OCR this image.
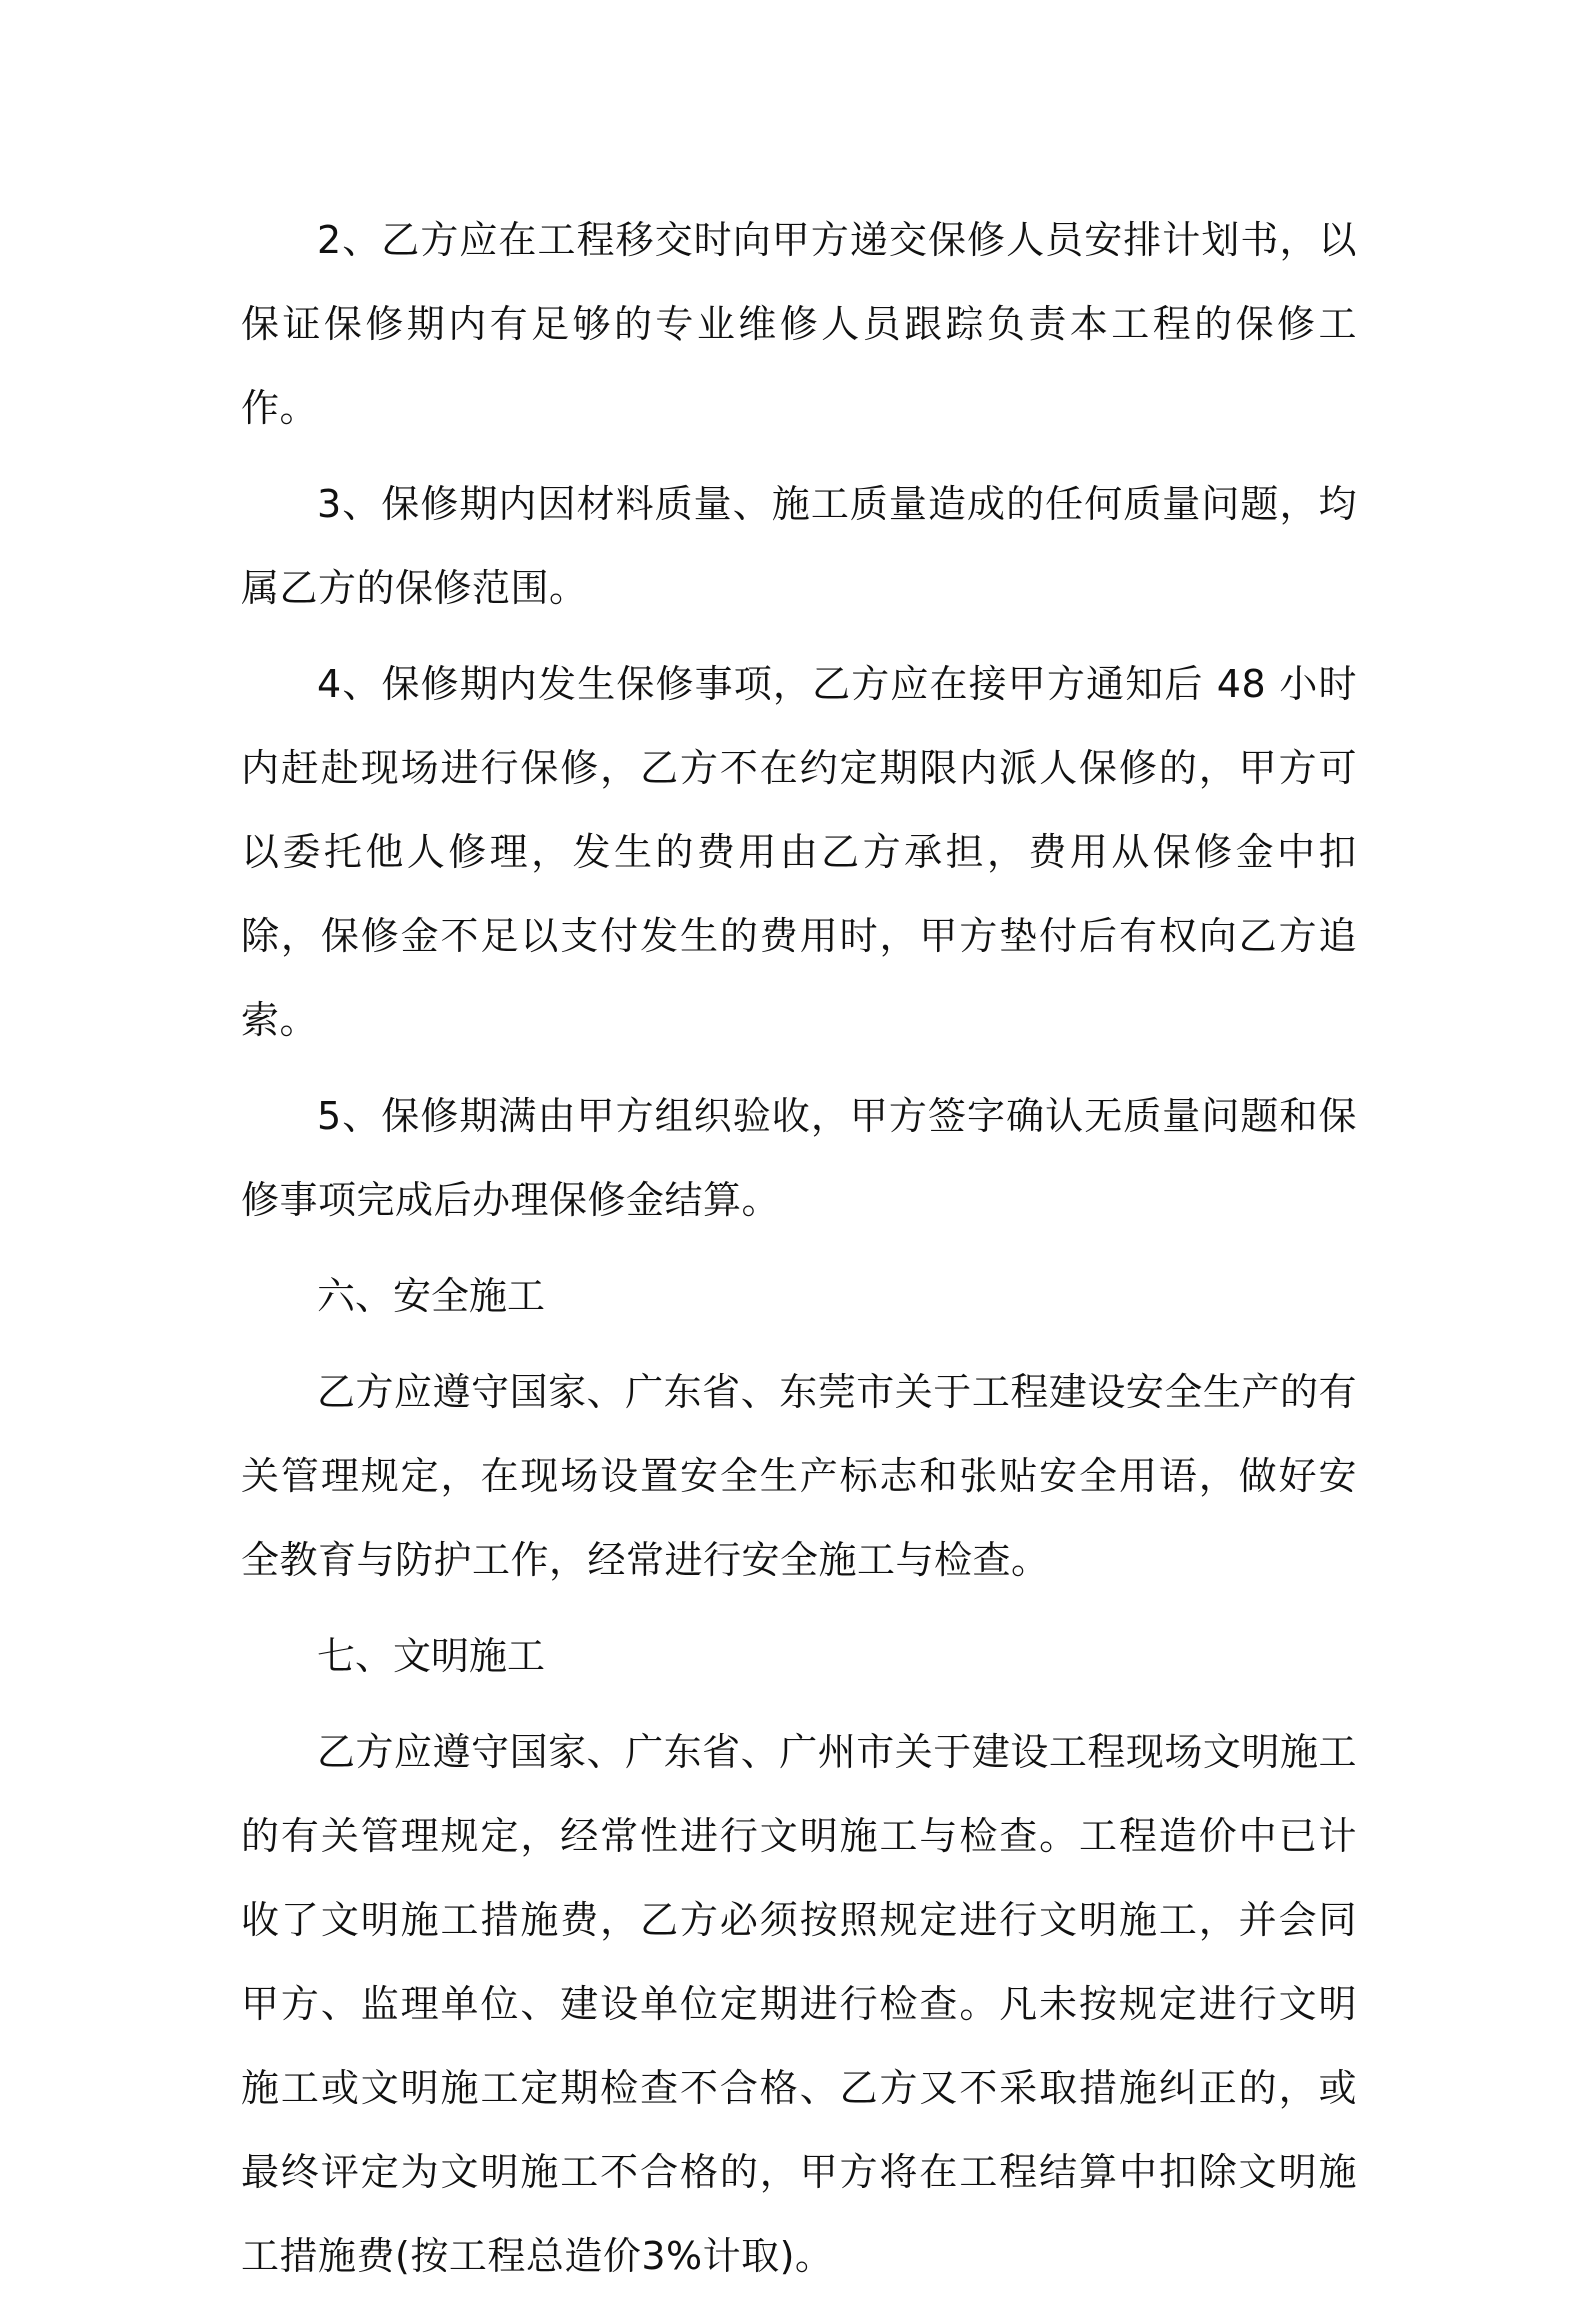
2、乙方应在工程移交时向甲方递交保修人员安排计划书，以保证保修期内有足够的专业维修人员跟踪负责本工程的保修工作。

3、保修期内因材料质量、施工质量造成的任何质量问题，均属乙方的保修范围。

4、保修期内发生保修事项，乙方应在接甲方通知后 48 小时内赶赴现场进行保修，乙方不在约定期限内派人保修的，甲方可以委托他人修理，发生的费用由乙方承担，费用从保修金中扣除，保修金不足以支付发生的费用时，甲方垫付后有权向乙方追索。

5、保修期满由甲方组织验收，甲方签字确认无质量问题和保修事项完成后办理保修金结算。

六、安全施工

乙方应遵守国家、广东省、东莞市关于工程建设安全生产的有关管理规定，在现场设置安全生产标志和张贴安全用语，做好安全教育与防护工作，经常进行安全施工与检查。

七、文明施工

乙方应遵守国家、广东省、广州市关于建设工程现场文明施工的有关管理规定，经常性进行文明施工与检查。工程造价中已计收了文明施工措施费，乙方必须按照规定进行文明施工，并会同甲方、监理单位、建设单位定期进行检查。凡未按规定进行文明施工或文明施工定期检查不合格、乙方又不采取措施纠正的，或最终评定为文明施工不合格的，甲方将在工程结算中扣除文明施工措施费(按工程总造价3%计取)。
